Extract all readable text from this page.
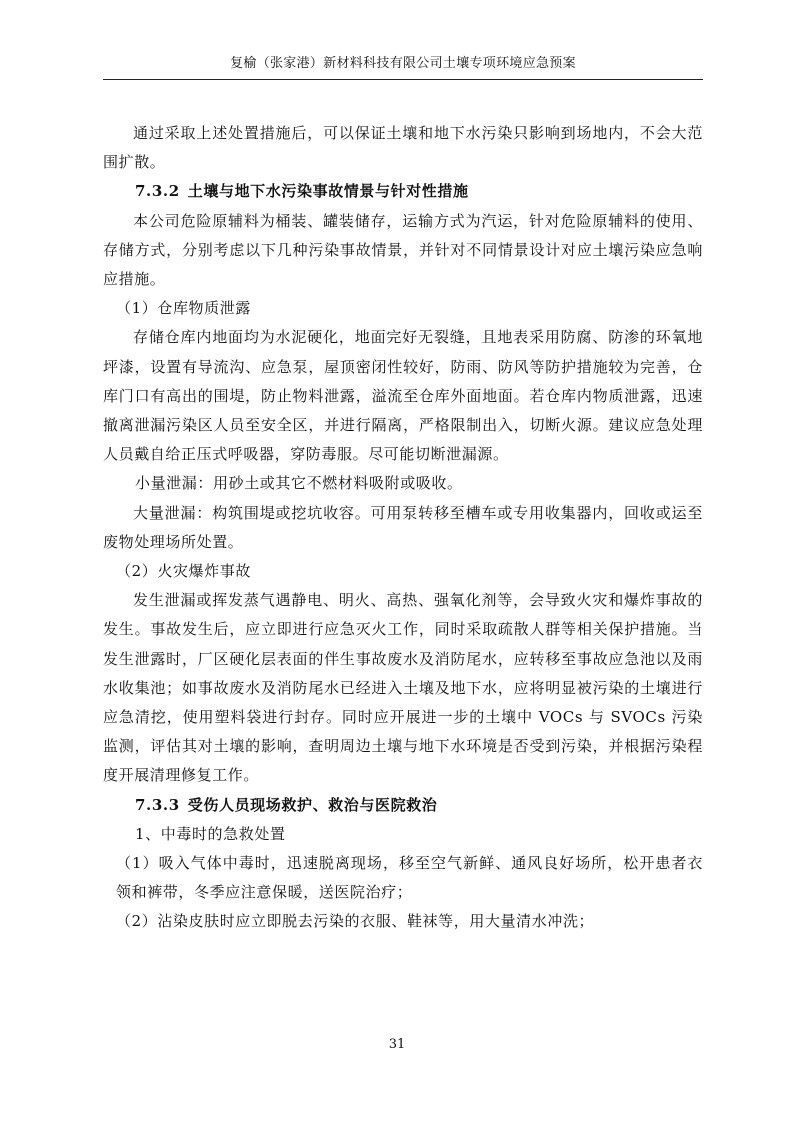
复榆（张家港）新材料科技有限公司土壤专项环境应急预案

通过采取上述处置措施后，可以保证土壤和地下水污染只影响到场地内，不会大范围扩散。

7.3.2 土壤与地下水污染事故情景与针对性措施

本公司危险原辅料为桶装、罐装储存，运输方式为汽运，针对危险原辅料的使用、存储方式，分别考虑以下几种污染事故情景，并针对不同情景设计对应土壤污染应急响应措施。

（1）仓库物质泄露

存储仓库内地面均为水泥硬化，地面完好无裂缝，且地表采用防腐、防渗的环氧地坪漆，设置有导流沟、应急泵，屋顶密闭性较好，防雨、防风等防护措施较为完善，仓库门口有高出的围堤，防止物料泄露，溢流至仓库外面地面。若仓库内物质泄露，迅速撤离泄漏污染区人员至安全区，并进行隔离，严格限制出入，切断火源。建议应急处理人员戴自给正压式呼吸器，穿防毒服。尽可能切断泄漏源。

小量泄漏：用砂土或其它不燃材料吸附或吸收。

大量泄漏：构筑围堤或挖坑收容。可用泵转移至槽车或专用收集器内，回收或运至废物处理场所处置。

（2）火灾爆炸事故

发生泄漏或挥发蒸气遇静电、明火、高热、强氧化剂等，会导致火灾和爆炸事故的发生。事故发生后，应立即进行应急灭火工作，同时采取疏散人群等相关保护措施。当发生泄露时，厂区硬化层表面的伴生事故废水及消防尾水，应转移至事故应急池以及雨水收集池；如事故废水及消防尾水已经进入土壤及地下水，应将明显被污染的土壤进行应急清挖，使用塑料袋进行封存。同时应开展进一步的土壤中 VOCs 与 SVOCs 污染监测，评估其对土壤的影响，查明周边土壤与地下水环境是否受到污染，并根据污染程度开展清理修复工作。

7.3.3 受伤人员现场救护、救治与医院救治

1、中毒时的急救处置

（1）吸入气体中毒时，迅速脱离现场，移至空气新鲜、通风良好场所，松开患者衣领和裤带，冬季应注意保暖，送医院治疗；

（2）沾染皮肤时应立即脱去污染的衣服、鞋袜等，用大量清水冲洗；

31
